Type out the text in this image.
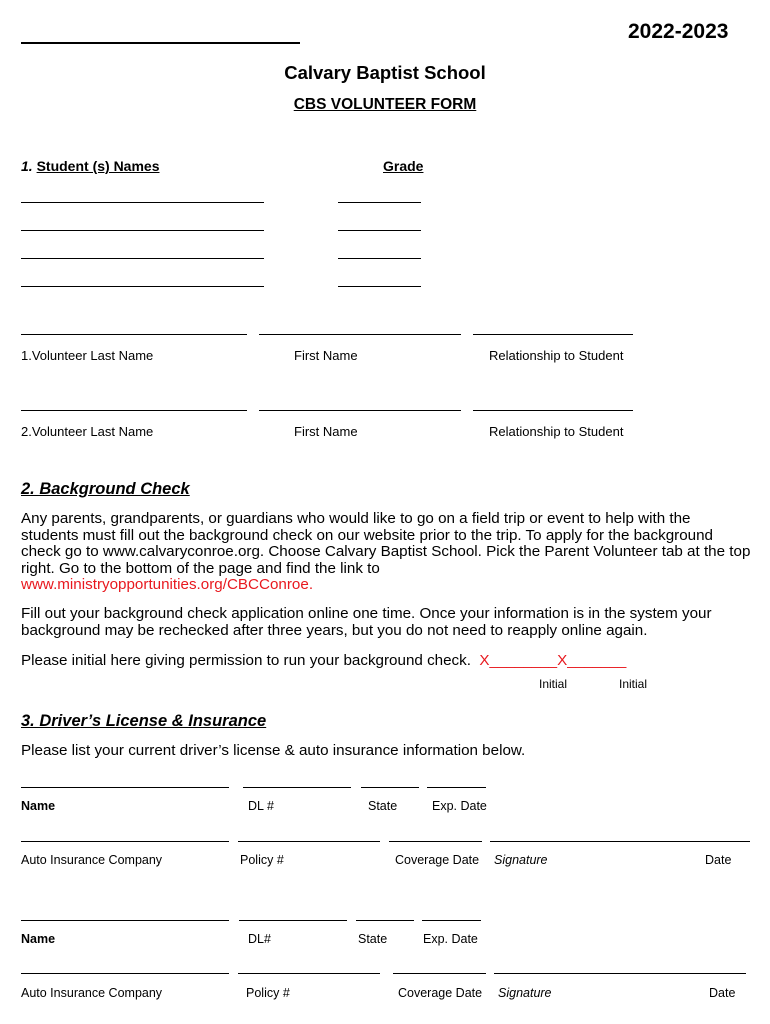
2022-2023
Calvary Baptist School
CBS VOLUNTEER FORM
1. Student (s) Names	Grade
1.Volunteer Last Name	First Name	Relationship to Student
2.Volunteer Last Name	First Name	Relationship to Student
2. Background Check
Any parents, grandparents, or guardians who would like to go on a field trip or event to help with the students must fill out the background check on our website prior to the trip. To apply for the background check go to www.calvaryconroe.org. Choose Calvary Baptist School. Pick the Parent Volunteer tab at the top right. Go to the bottom of the page and find the link to
www.ministryopportunities.org/CBCConroe.
Fill out your background check application online one time. Once your information is in the system your background may be rechecked after three years, but you do not need to reapply online again.
Please initial here giving permission to run your background check. X________X_______
Initial	Initial
3. Driver’s License & Insurance
Please list your current driver’s license & auto insurance information below.
Name	DL #	State	Exp. Date
Auto Insurance Company	Policy #	Coverage Date Signature	Date
Name	DL#	State	Exp. Date
Auto Insurance Company	Policy #	Coverage Date Signature	Date
